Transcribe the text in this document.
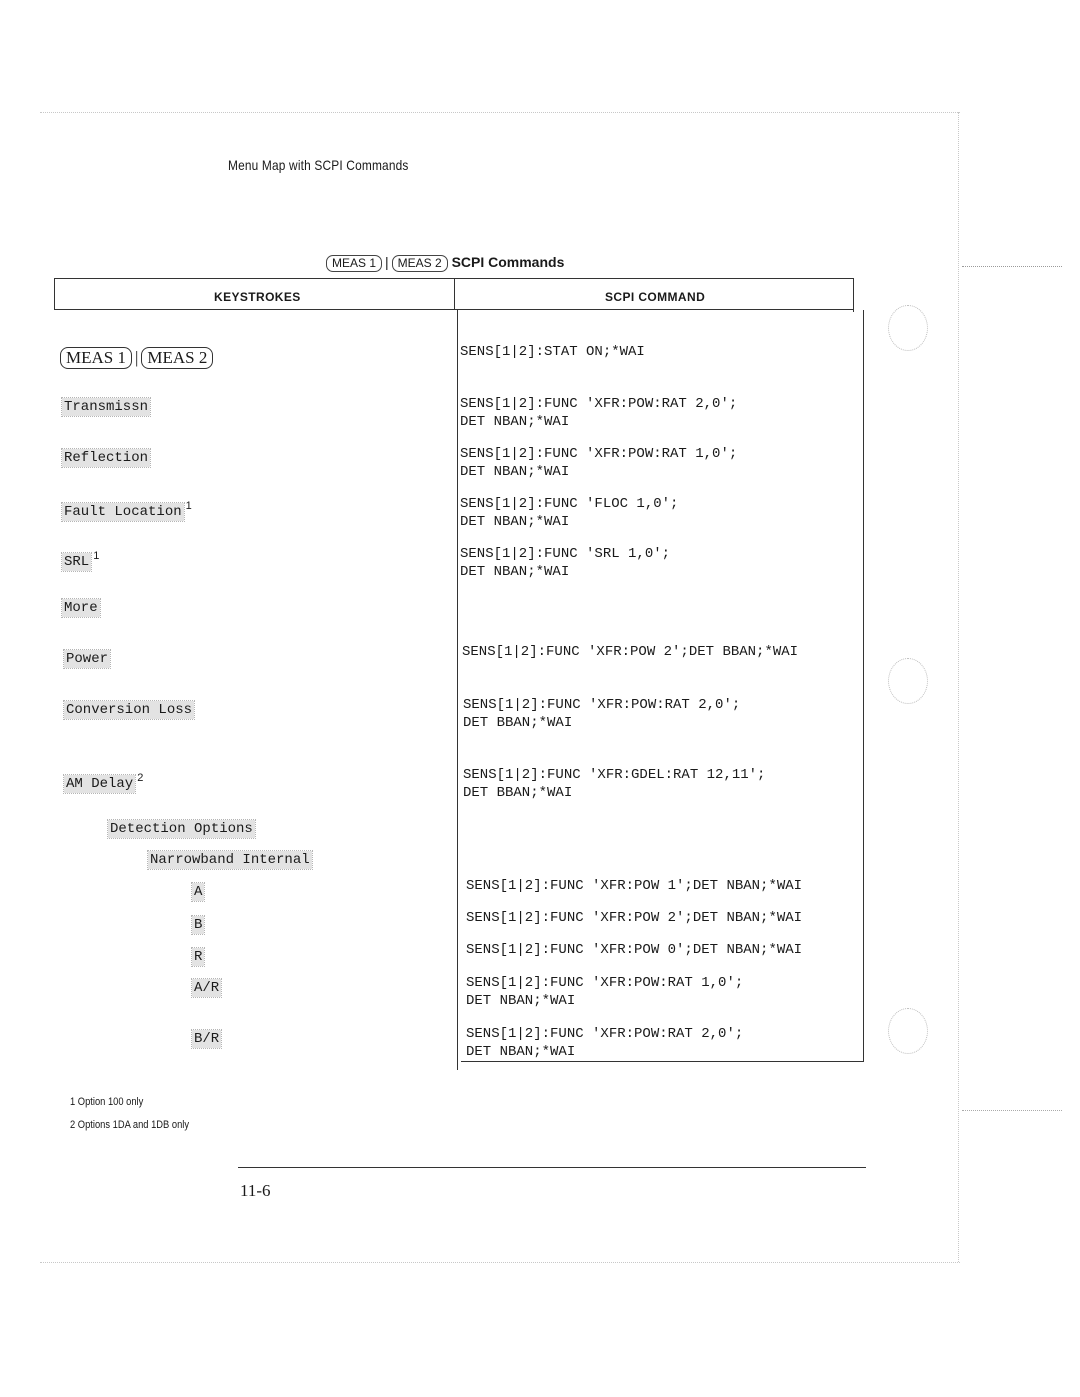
Menu Map with SCPI Commands
MEAS 1 | MEAS 2 SCPI Commands
KEYSTROKES	SCPI COMMAND
MEAS 1 | MEAS 2
Transmissn
Reflection
Fault Location $^1$
SRL $^1$
More
Power
Conversion Loss
AM Delay $^2$
Detection Options
Narrowband Internal
A
B
R
A/R
B/R
SENS[1|2]:STAT ON;*WAI
SENS[1|2]:FUNC 'XFR:POW:RAT 2,0';
DET NBAN;*WAI
SENS[1|2]:FUNC 'XFR:POW:RAT 1,0';
DET NBAN;*WAI
SENS[1|2]:FUNC 'FLOC 1,0';
DET NBAN;*WAI
SENS[1|2]:FUNC 'SRL 1,0';
DET NBAN;*WAI
SENS[1|2]:FUNC 'XFR:POW 2';DET BBAN;*WAI
SENS[1|2]:FUNC 'XFR:POW:RAT 2,0';
DET BBAN;*WAI
SENS[1|2]:FUNC 'XFR:GDEL:RAT 12,11';
DET BBAN;*WAI
SENS[1|2]:FUNC 'XFR:POW 1';DET NBAN;*WAI
SENS[1|2]:FUNC 'XFR:POW 2';DET NBAN;*WAI
SENS[1|2]:FUNC 'XFR:POW 0';DET NBAN;*WAI
SENS[1|2]:FUNC 'XFR:POW:RAT 1,0';
DET NBAN;*WAI
SENS[1|2]:FUNC 'XFR:POW:RAT 2,0';
DET NBAN;*WAI
1 Option 100 only
2 Options 1DA and 1DB only
11-6
